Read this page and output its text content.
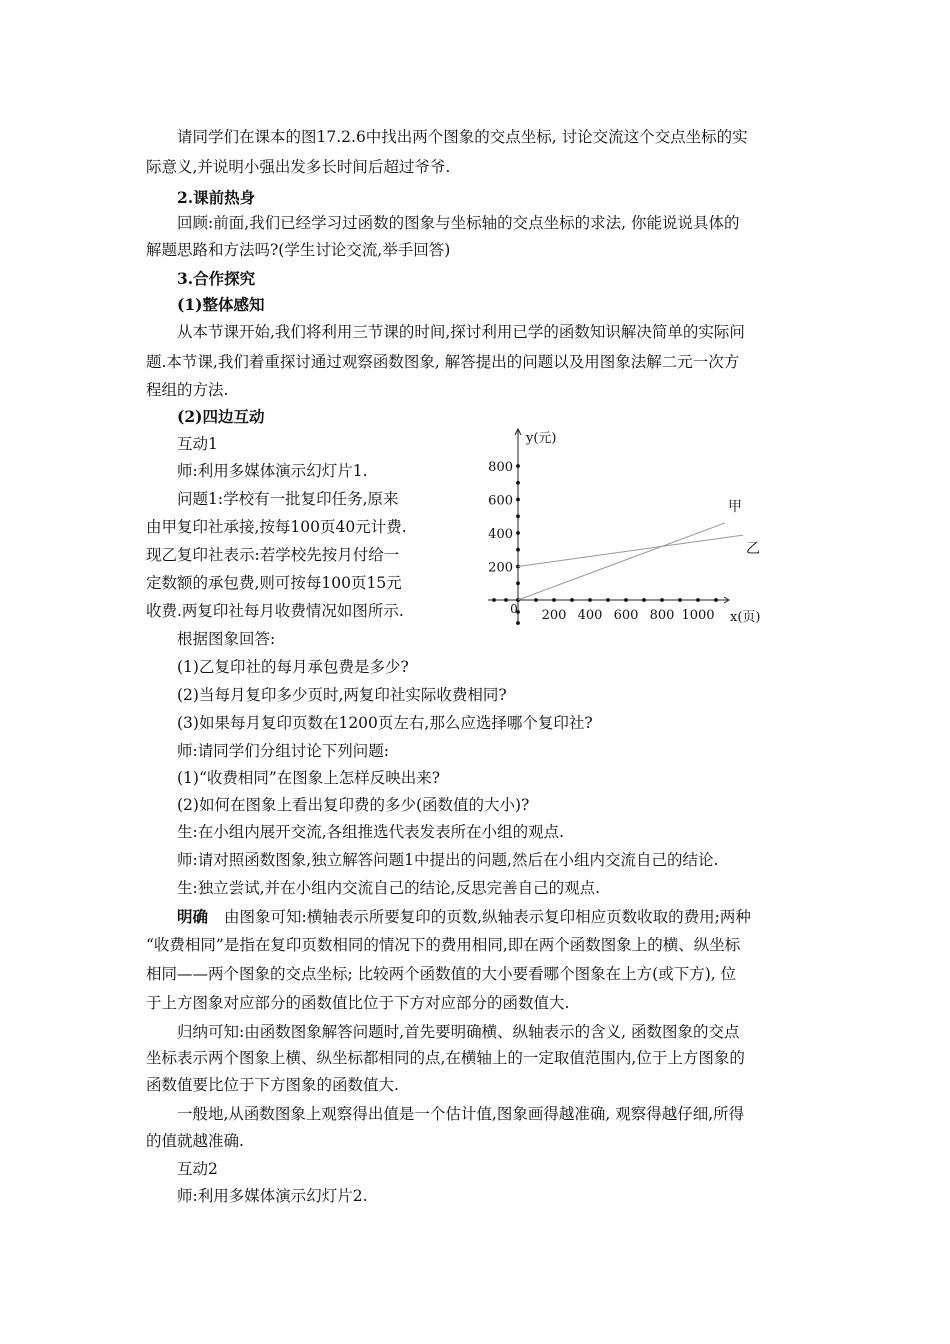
请同学们在课本的图17.2.6中找出两个图象的交点坐标, 讨论交流这个交点坐标的实
际意义,并说明小强出发多长时间后超过爷爷.
2.课前热身
回顾:前面,我们已经学习过函数的图象与坐标轴的交点坐标的求法, 你能说说具体的
解题思路和方法吗?(学生讨论交流,举手回答)
3.合作探究
(1)整体感知
从本节课开始,我们将利用三节课的时间,探讨利用已学的函数知识解决简单的实际问
题.本节课,我们着重探讨通过观察函数图象, 解答提出的问题以及用图象法解二元一次方
程组的方法.
(2)四边互动
互动1
师:利用多媒体演示幻灯片1.
问题1:学校有一批复印任务,原来
由甲复印社承接,按每100页40元计费.
现乙复印社表示:若学校先按月付给一
定数额的承包费,则可按每100页15元
收费.两复印社每月收费情况如图所示.	200 400 600 800 1000
200
400
600
800
0
x(页)
y(元)
甲
乙
根据图象回答:
(1)乙复印社的每月承包费是多少?
(2)当每月复印多少页时,两复印社实际收费相同?
(3)如果每月复印页数在1200页左右,那么应选择哪个复印社?
师:请同学们分组讨论下列问题:
(1)“收费相同”在图象上怎样反映出来?
(2)如何在图象上看出复印费的多少(函数值的大小)?
生:在小组内展开交流,各组推选代表发表所在小组的观点.
师:请对照函数图象,独立解答问题1中提出的问题,然后在小组内交流自己的结论.
生:独立尝试,并在小组内交流自己的结论,反思完善自己的观点.
明确 由图象可知:横轴表示所要复印的页数,纵轴表示复印相应页数收取的费用;两种
“收费相同”是指在复印页数相同的情况下的费用相同,即在两个函数图象上的横、纵坐标
相同——两个图象的交点坐标; 比较两个函数值的大小要看哪个图象在上方(或下方), 位
于上方图象对应部分的函数值比位于下方对应部分的函数值大.
归纳可知:由函数图象解答问题时,首先要明确横、纵轴表示的含义, 函数图象的交点
坐标表示两个图象上横、纵坐标都相同的点,在横轴上的一定取值范围内,位于上方图象的
函数值要比位于下方图象的函数值大.
一般地,从函数图象上观察得出值是一个估计值,图象画得越准确, 观察得越仔细,所得
的值就越准确.
互动2
师:利用多媒体演示幻灯片2.
